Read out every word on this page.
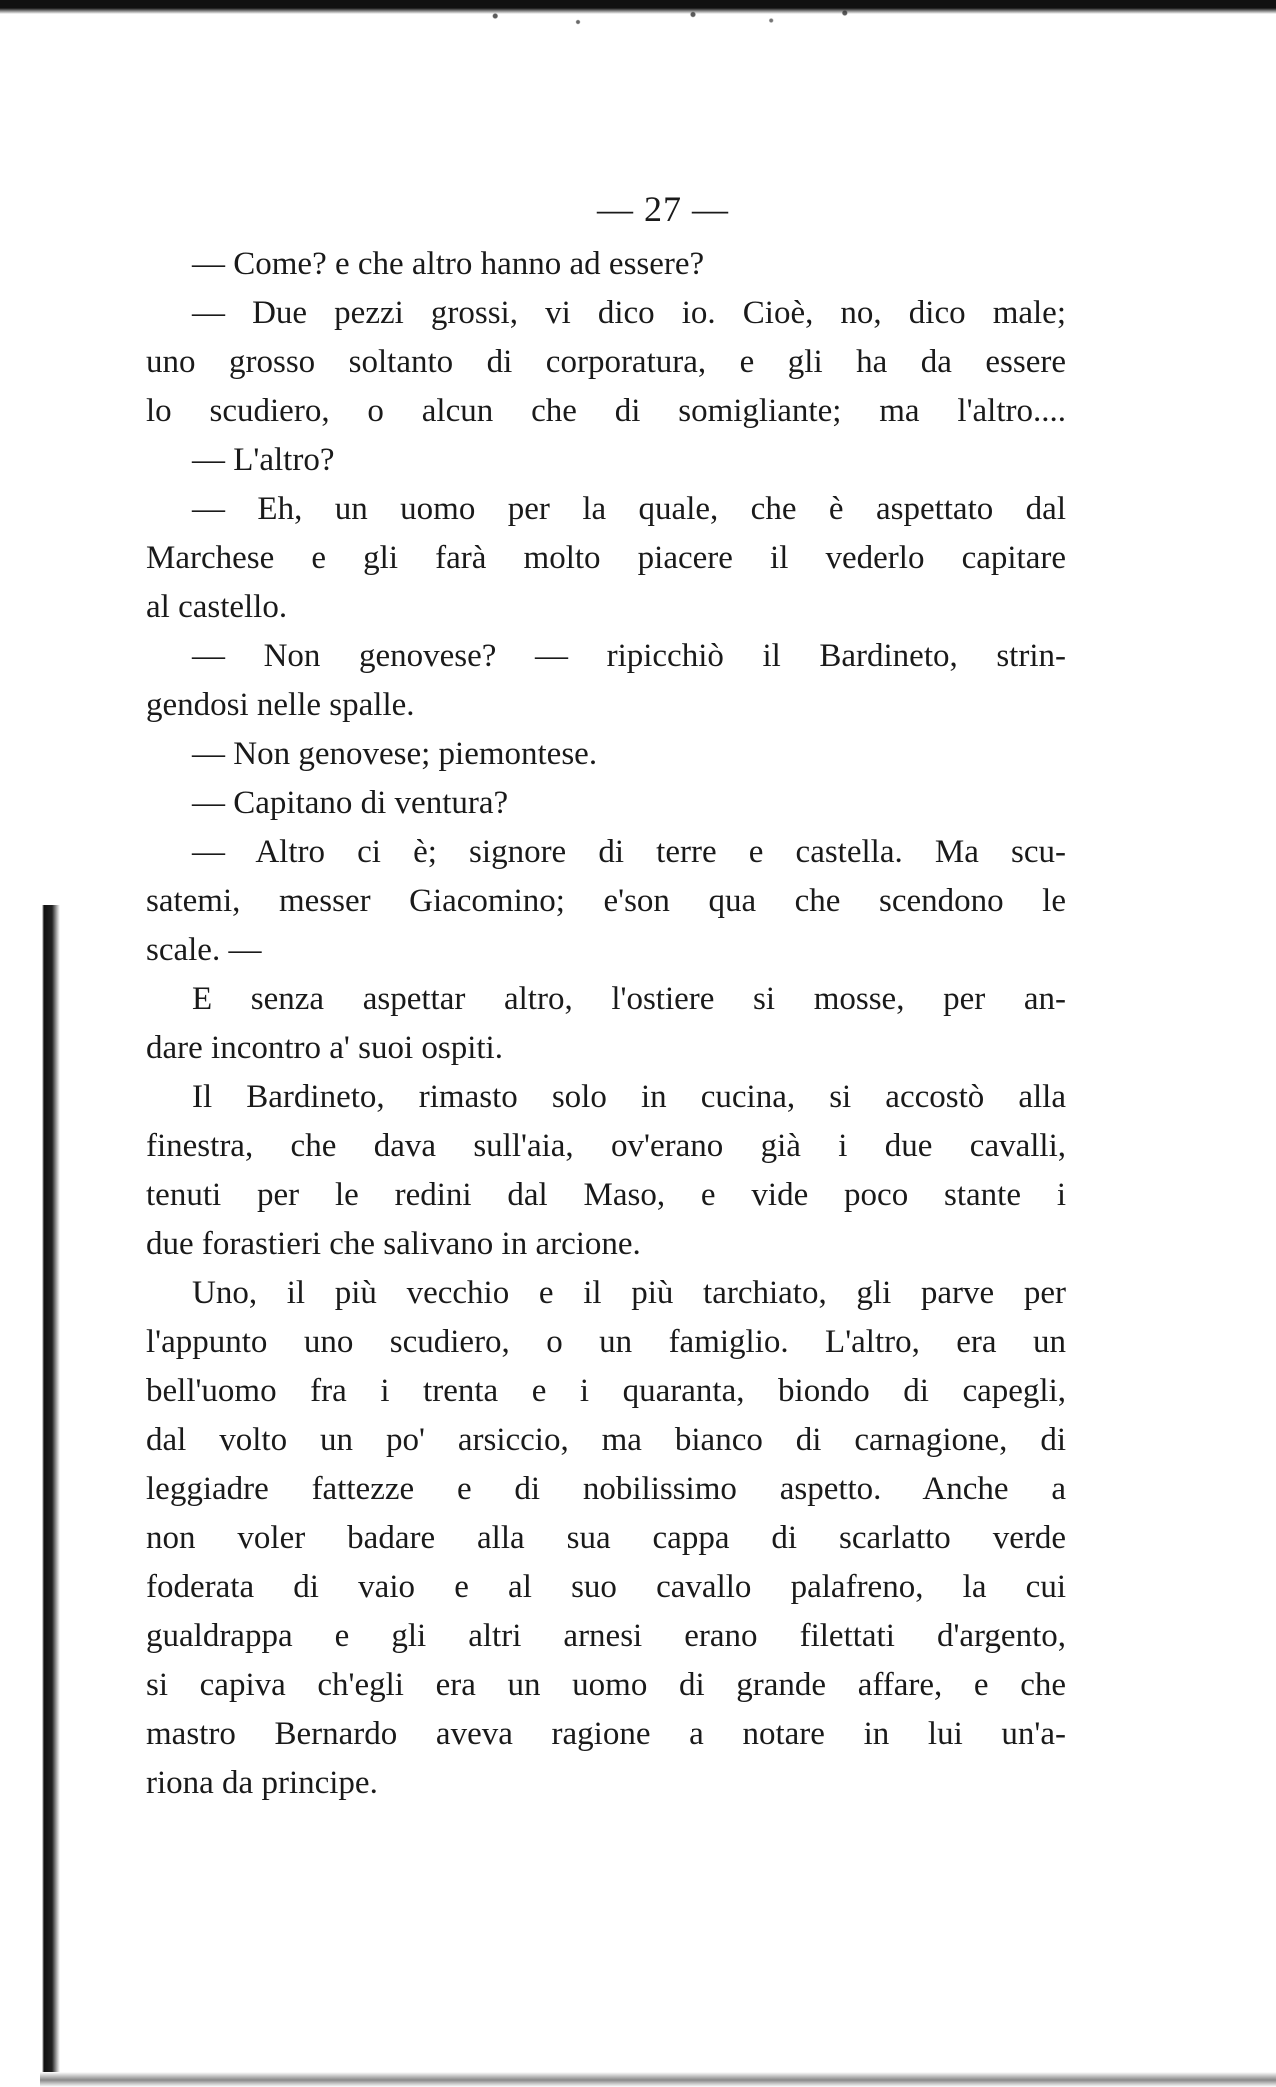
— 27 —
— Come? e che altro hanno ad essere?
— Due pezzi grossi, vi dico io. Cioè, no, dico male;
uno grosso soltanto di corporatura, e gli ha da essere
lo scudiero, o alcun che di somigliante; ma l'altro....
— L'altro?
— Eh, un uomo per la quale, che è aspettato dal
Marchese e gli farà molto piacere il vederlo capitare
al castello.
— Non genovese? — ripicchiò il Bardineto, strin-
gendosi nelle spalle.
— Non genovese; piemontese.
— Capitano di ventura?
— Altro ci è; signore di terre e castella. Ma scu-
satemi, messer Giacomino; e'son qua che scendono le
scale. —
E senza aspettar altro, l'ostiere si mosse, per an-
dare incontro a' suoi ospiti.
Il Bardineto, rimasto solo in cucina, si accostò alla
finestra, che dava sull'aia, ov'erano già i due cavalli,
tenuti per le redini dal Maso, e vide poco stante i
due forastieri che salivano in arcione.
Uno, il più vecchio e il più tarchiato, gli parve per
l'appunto uno scudiero, o un famiglio. L'altro, era un
bell'uomo fra i trenta e i quaranta, biondo di capegli,
dal volto un po' arsiccio, ma bianco di carnagione, di
leggiadre fattezze e di nobilissimo aspetto. Anche a
non voler badare alla sua cappa di scarlatto verde
foderata di vaio e al suo cavallo palafreno, la cui
gualdrappa e gli altri arnesi erano filettati d'argento,
si capiva ch'egli era un uomo di grande affare, e che
mastro Bernardo aveva ragione a notare in lui un'a-
riona da principe.
